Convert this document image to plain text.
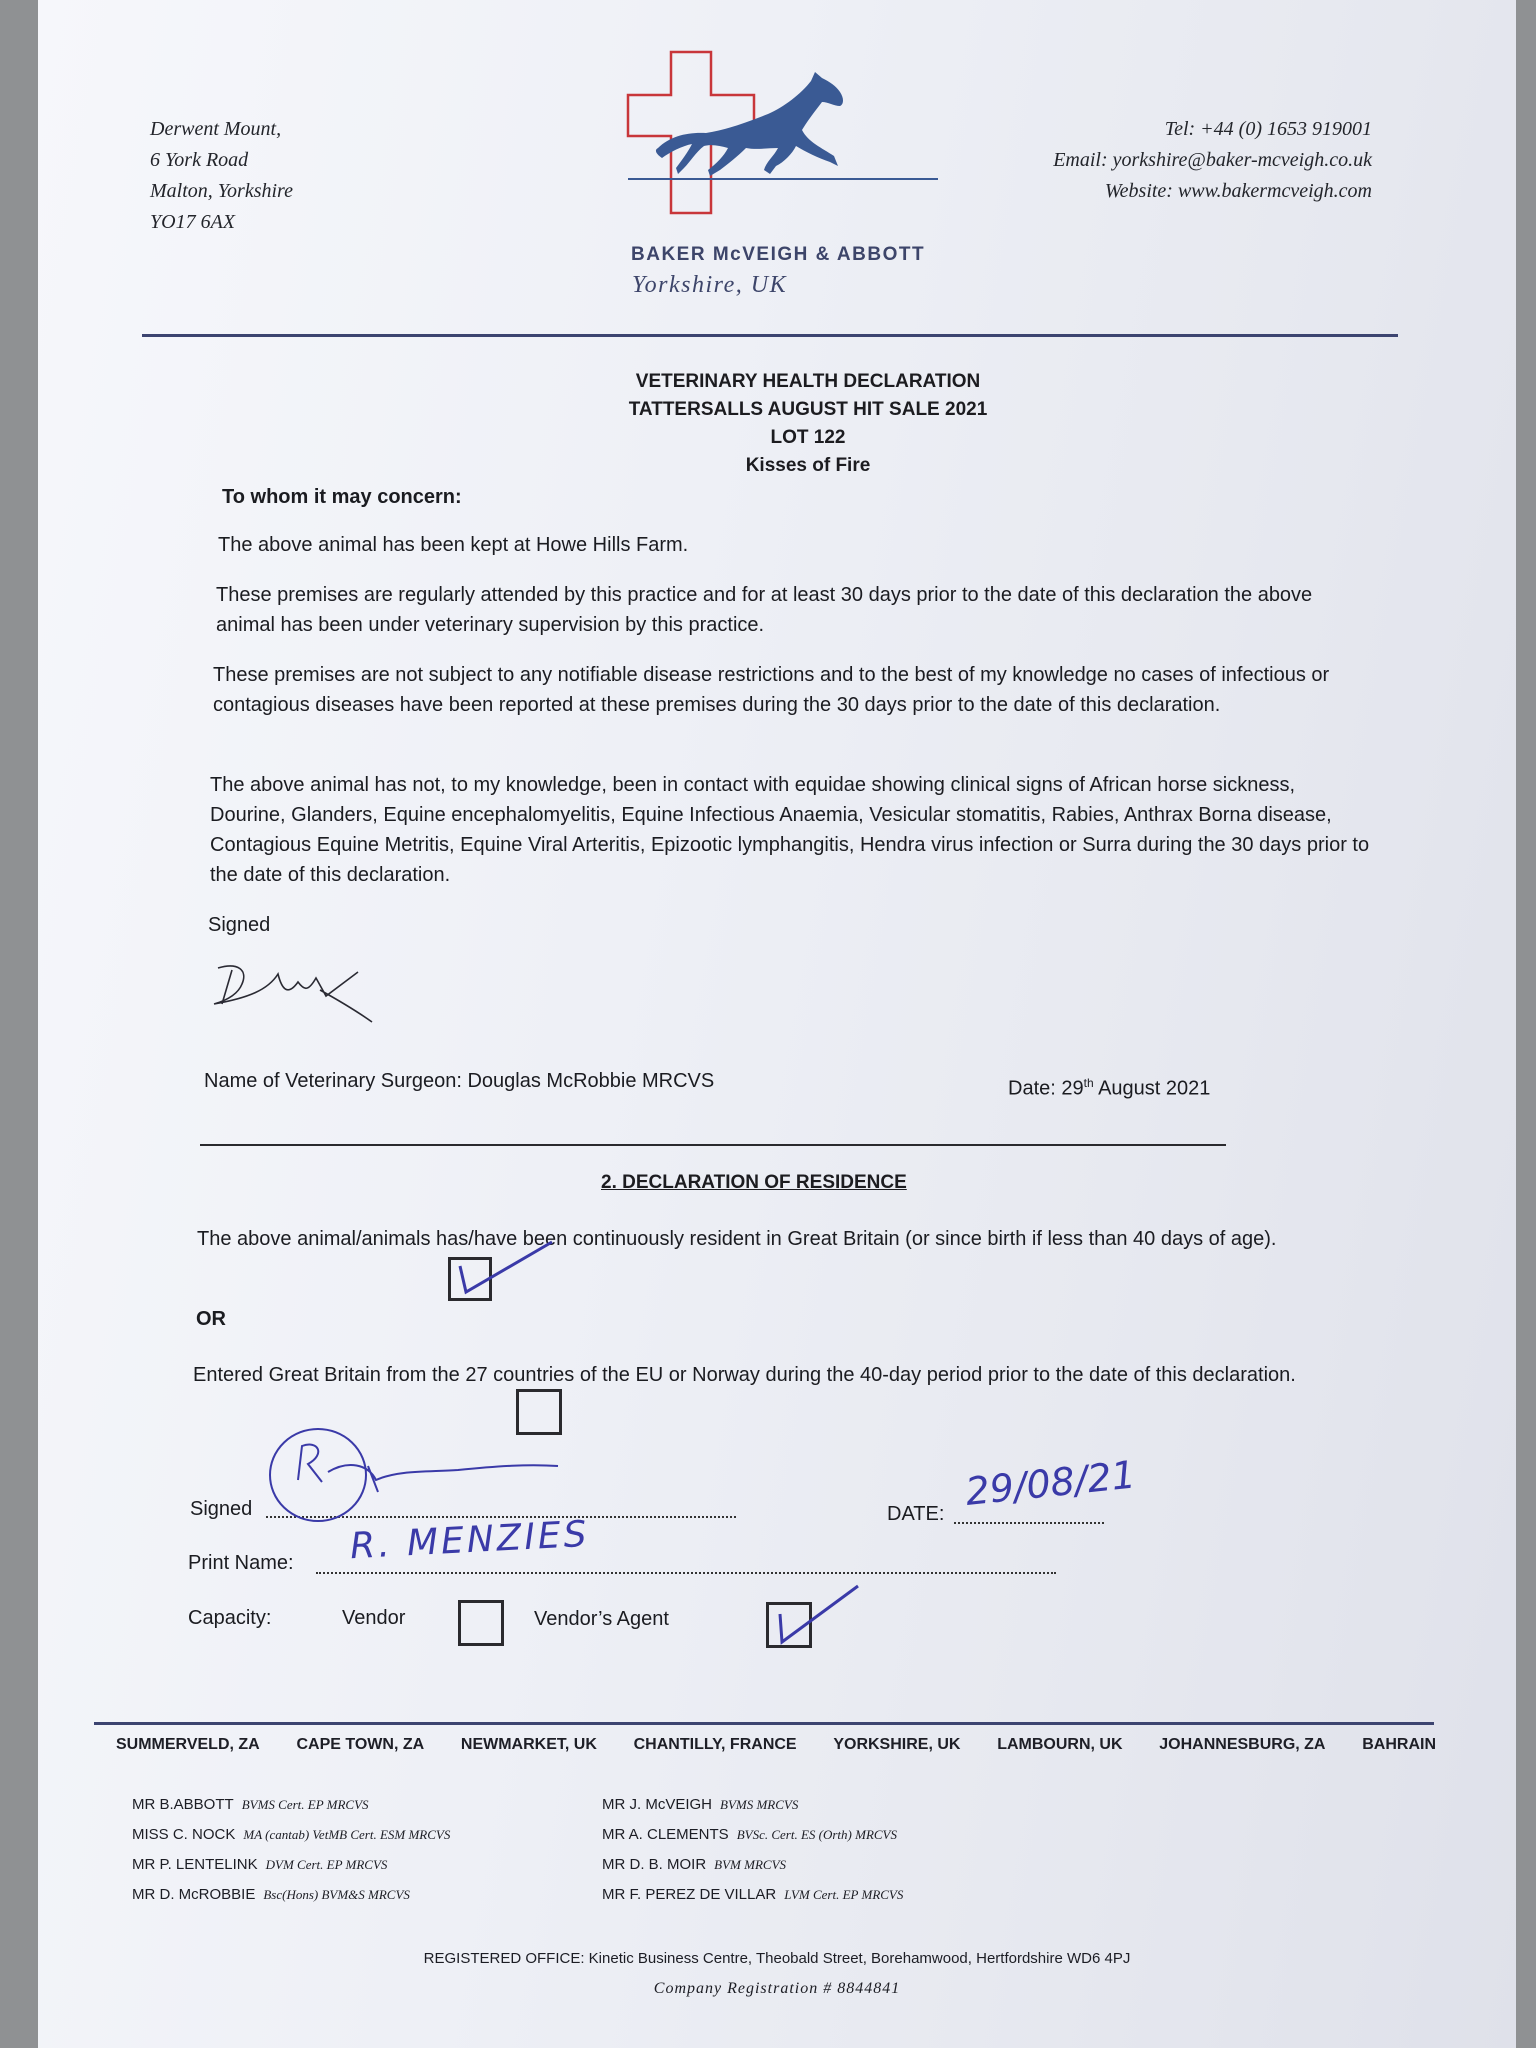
Derwent Mount,
6 York Road
Malton, Yorkshire
YO17 6AX
BAKER McVEIGH & ABBOTT
Yorkshire, UK
Tel: +44 (0) 1653 919001
Email: yorkshire@baker-mcveigh.co.uk
Website: www.bakermcveigh.com
VETERINARY HEALTH DECLARATION
TATTERSALLS AUGUST HIT SALE 2021
LOT 122
Kisses of Fire
To whom it may concern:
The above animal has been kept at Howe Hills Farm.
These premises are regularly attended by this practice and for at least 30 days prior to the date of this declaration the above animal has been under veterinary supervision by this practice.
These premises are not subject to any notifiable disease restrictions and to the best of my knowledge no cases of infectious or contagious diseases have been reported at these premises during the 30 days prior to the date of this declaration.
The above animal has not, to my knowledge, been in contact with equidae showing clinical signs of African horse sickness, Dourine, Glanders, Equine encephalomyelitis, Equine Infectious Anaemia, Vesicular stomatitis, Rabies, Anthrax Borna disease, Contagious Equine Metritis, Equine Viral Arteritis, Epizootic lymphangitis, Hendra virus infection or Surra during the 30 days prior to the date of this declaration.
Signed
Name of Veterinary Surgeon: Douglas McRobbie MRCVS	Date: 29th August 2021
2. DECLARATION OF RESIDENCE
The above animal/animals has/have been continuously resident in Great Britain (or since birth if less than 40 days of age).
OR
Entered Great Britain from the 27 countries of the EU or Norway during the 40-day period prior to the date of this declaration.
Signed	DATE: 29/08/21
Print Name: R. MENZIES
Capacity:	Vendor	Vendor’s Agent
SUMMERVELD, ZA CAPE TOWN, ZA NEWMARKET, UK CHANTILLY, FRANCE YORKSHIRE, UK LAMBOURN, UK JOHANNESBURG, ZA BAHRAIN
MR B.ABBOTT BVMS Cert. EP MRCVS
MISS C. NOCK MA (cantab) VetMB Cert. ESM MRCVS
MR P. LENTELINK DVM Cert. EP MRCVS
MR D. McROBBIE Bsc(Hons) BVM&S MRCVS
MR J. McVEIGH BVMS MRCVS
MR A. CLEMENTS BVSc. Cert. ES (Orth) MRCVS
MR D. B. MOIR BVM MRCVS
MR F. PEREZ DE VILLAR LVM Cert. EP MRCVS
REGISTERED OFFICE: Kinetic Business Centre, Theobald Street, Borehamwood, Hertfordshire WD6 4PJ
Company Registration # 8844841
